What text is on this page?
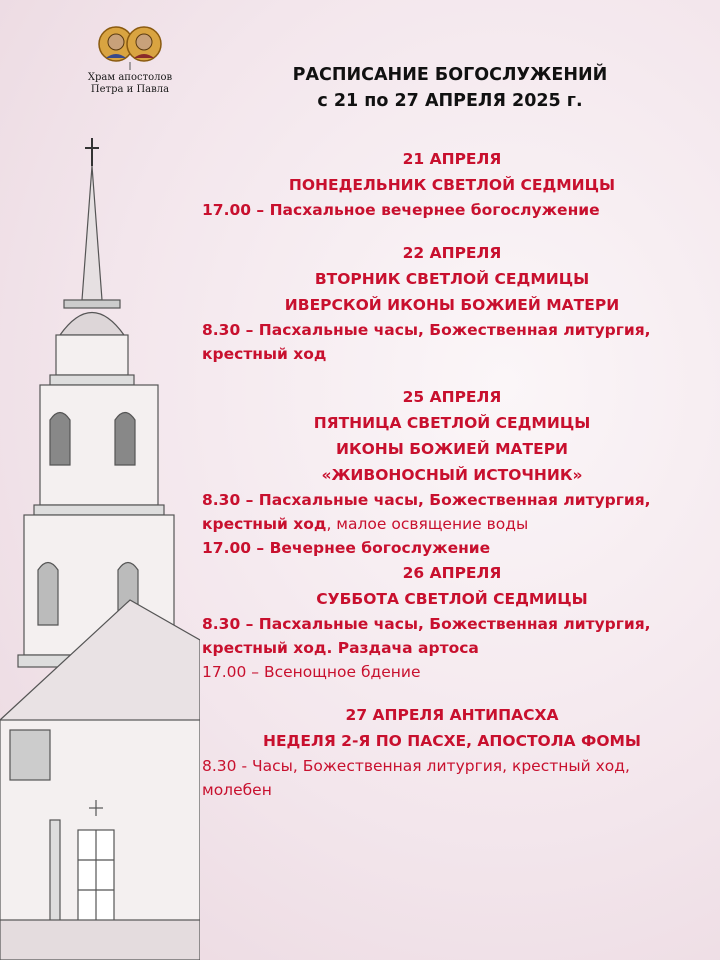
Храм апостолов
Петра и Павла
РАСПИСАНИЕ БОГОСЛУЖЕНИЙ
с 21 по 27 АПРЕЛЯ 2025 г.
21 АПРЕЛЯ
ПОНЕДЕЛЬНИК СВЕТЛОЙ СЕДМИЦЫ
17.00 – Пасхальное вечернее богослужение
22 АПРЕЛЯ
ВТОРНИК СВЕТЛОЙ СЕДМИЦЫ
ИВЕРСКОЙ ИКОНЫ БОЖИЕЙ МАТЕРИ
8.30 – Пасхальные часы, Божественная литургия, крестный ход
25 АПРЕЛЯ
ПЯТНИЦА СВЕТЛОЙ СЕДМИЦЫ
ИКОНЫ БОЖИЕЙ МАТЕРИ
«ЖИВОНОСНЫЙ ИСТОЧНИК»
8.30 – Пасхальные часы, Божественная литургия, крестный ход, малое освящение воды
17.00 – Вечернее богослужение
26 АПРЕЛЯ
СУББОТА СВЕТЛОЙ СЕДМИЦЫ
8.30 – Пасхальные часы, Божественная литургия, крестный ход. Раздача артоса
17.00 – Всенощное бдение
27 АПРЕЛЯ АНТИПАСХА
НЕДЕЛЯ 2-Я ПО ПАСХЕ, АПОСТОЛА ФОМЫ
8.30 - Часы, Божественная литургия, крестный ход, молебен
